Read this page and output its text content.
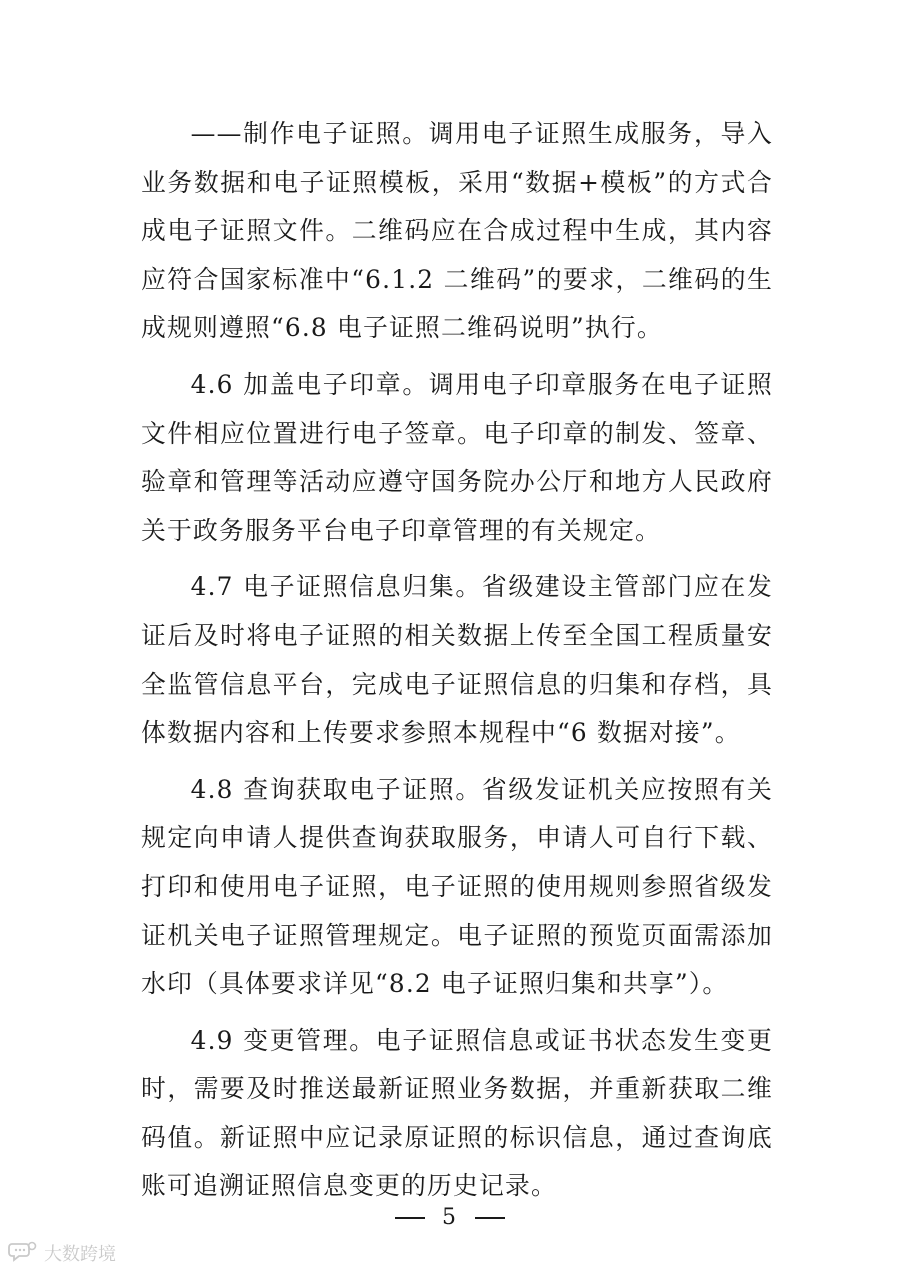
——制作电子证照。调用电子证照生成服务，导入业务数据和电子证照模板，采用“数据+模板”的方式合成电子证照文件。二维码应在合成过程中生成，其内容应符合国家标准中“6.1.2 二维码”的要求，二维码的生成规则遵照“6.8 电子证照二维码说明”执行。

4.6 加盖电子印章。调用电子印章服务在电子证照文件相应位置进行电子签章。电子印章的制发、签章、验章和管理等活动应遵守国务院办公厅和地方人民政府关于政务服务平台电子印章管理的有关规定。

4.7 电子证照信息归集。省级建设主管部门应在发证后及时将电子证照的相关数据上传至全国工程质量安全监管信息平台，完成电子证照信息的归集和存档，具体数据内容和上传要求参照本规程中“6 数据对接”。

4.8 查询获取电子证照。省级发证机关应按照有关规定向申请人提供查询获取服务，申请人可自行下载、打印和使用电子证照，电子证照的使用规则参照省级发证机关电子证照管理规定。电子证照的预览页面需添加水印（具体要求详见“8.2 电子证照归集和共享”）。

4.9 变更管理。电子证照信息或证书状态发生变更时，需要及时推送最新证照业务数据，并重新获取二维码值。新证照中应记录原证照的标识信息，通过查询底账可追溯证照信息变更的历史记录。

5
大数跨境
